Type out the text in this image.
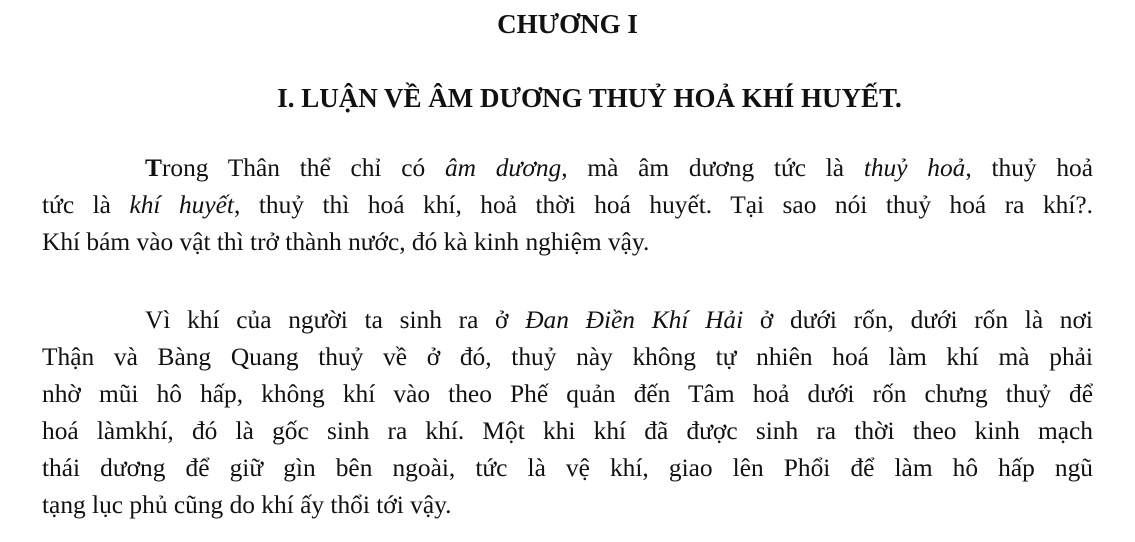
CHƯƠNG I
I. LUẬN VỀ ÂM DƯƠNG THUỶ HOẢ KHÍ HUYẾT.
Trong Thân thể chỉ có âm dương, mà âm dương tức là thuỷ hoả, thuỷ hoả
tức là khí huyết, thuỷ thì hoá khí, hoả thời hoá huyết. Tại sao nói thuỷ hoá ra khí?.
Khí bám vào vật thì trở thành nước, đó kà kinh nghiệm vậy.
Vì khí của người ta sinh ra ở Đan Điền Khí Hải ở dưới rốn, dưới rốn là nơi
Thận và Bàng Quang thuỷ về ở đó, thuỷ này không tự nhiên hoá làm khí mà phải
nhờ mũi hô hấp, không khí vào theo Phế quản đến Tâm hoả dưới rốn chưng thuỷ để
hoá làmkhí, đó là gốc sinh ra khí. Một khi khí đã được sinh ra thời theo kinh mạch
thái dương để giữ gìn bên ngoài, tức là vệ khí, giao lên Phổi để làm hô hấp ngũ
tạng lục phủ cũng do khí ấy thổi tới vậy.
